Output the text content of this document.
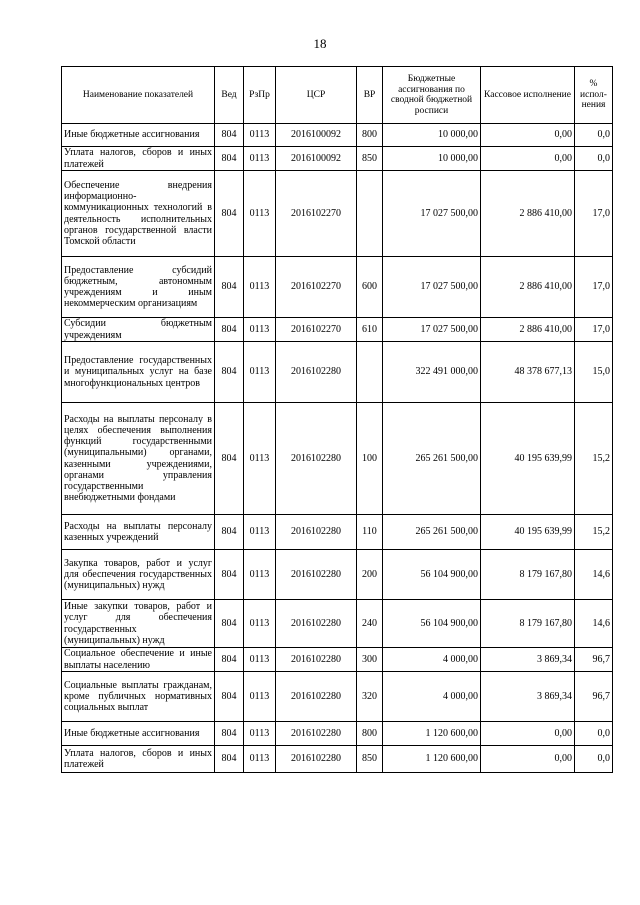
18
Наименование показателей	Вед	РзПр	ЦСР	ВР	Бюджетные ассигнования по сводной бюджетной росписи	Кассовое исполнение	% испол-нения
Иные бюджетные ассигнования	804	0113	2016100092	800	10 000,00	0,00	0,0
Уплата налогов, сборов и иных платежей	804	0113	2016100092	850	10 000,00	0,00	0,0
Обеспечение внедрения информационно-коммуникационных технологий в деятельность исполнительных органов государственной власти Томской области	804	0113	2016102270		17 027 500,00	2 886 410,00	17,0
Предоставление субсидий бюджетным, автономным учреждениям и иным некоммерческим организациям	804	0113	2016102270	600	17 027 500,00	2 886 410,00	17,0
Субсидии бюджетным учреждениям	804	0113	2016102270	610	17 027 500,00	2 886 410,00	17,0
Предоставление государственных и муниципальных услуг на базе многофункциональных центров	804	0113	2016102280		322 491 000,00	48 378 677,13	15,0
Расходы на выплаты персоналу в целях обеспечения выполнения функций государственными (муниципальными) органами, казенными учреждениями, органами управления государственными внебюджетными фондами	804	0113	2016102280	100	265 261 500,00	40 195 639,99	15,2
Расходы на выплаты персоналу казенных учреждений	804	0113	2016102280	110	265 261 500,00	40 195 639,99	15,2
Закупка товаров, работ и услуг для обеспечения государственных (муниципальных) нужд	804	0113	2016102280	200	56 104 900,00	8 179 167,80	14,6
Иные закупки товаров, работ и услуг для обеспечения государственных (муниципальных) нужд	804	0113	2016102280	240	56 104 900,00	8 179 167,80	14,6
Социальное обеспечение и иные выплаты населению	804	0113	2016102280	300	4 000,00	3 869,34	96,7
Социальные выплаты гражданам, кроме публичных нормативных социальных выплат	804	0113	2016102280	320	4 000,00	3 869,34	96,7
Иные бюджетные ассигнования	804	0113	2016102280	800	1 120 600,00	0,00	0,0
Уплата налогов, сборов и иных платежей	804	0113	2016102280	850	1 120 600,00	0,00	0,0
